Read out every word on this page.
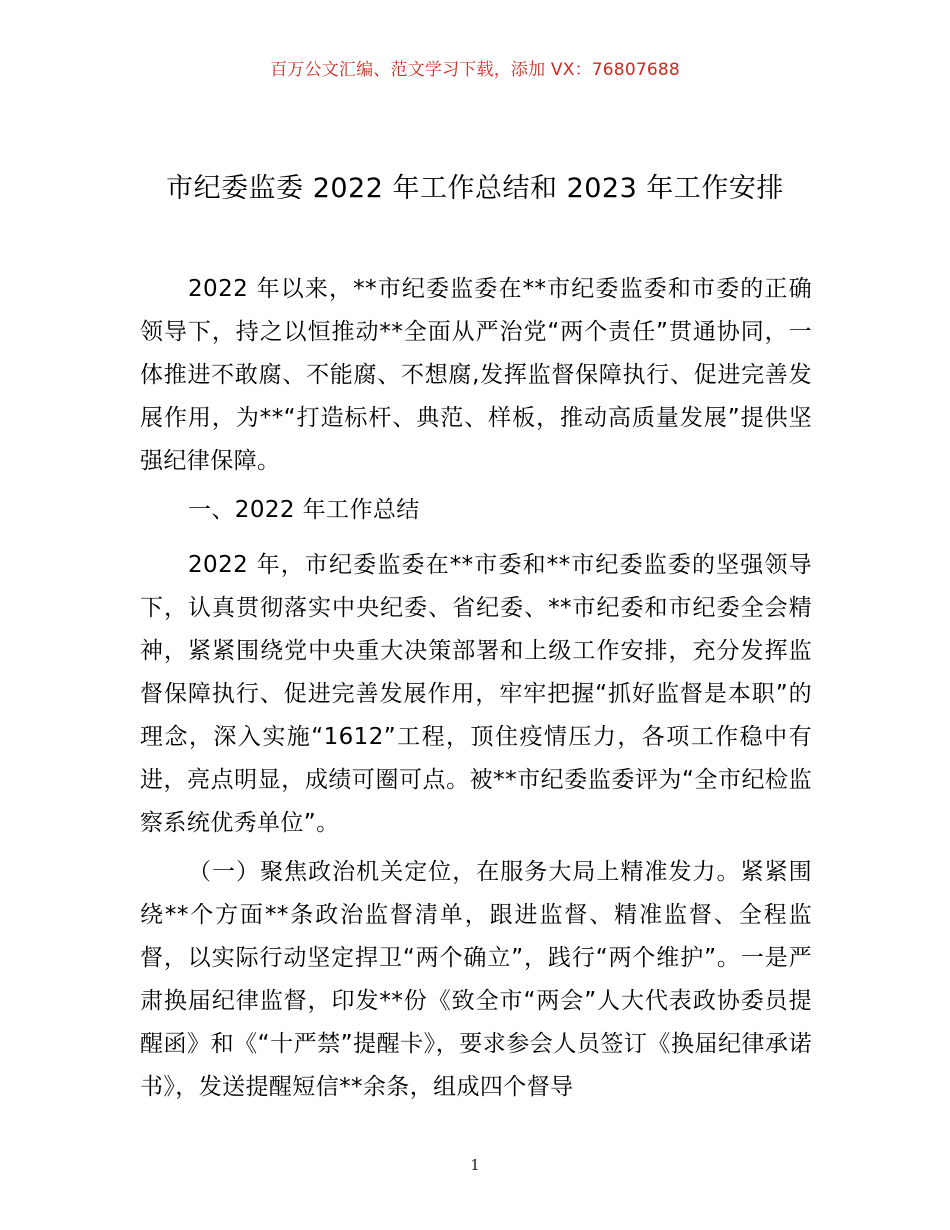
百万公文汇编、范文学习下载，添加 VX：76807688
市纪委监委 2022 年工作总结和 2023 年工作安排

2022 年以来，**市纪委监委在**市纪委监委和市委的正确领导下，持之以恒推动**全面从严治党“两个责任”贯通协同，一体推进不敢腐、不能腐、不想腐,发挥监督保障执行、促进完善发展作用，为**“打造标杆、典范、样板，推动高质量发展”提供坚强纪律保障。

一、2022 年工作总结

2022 年，市纪委监委在**市委和**市纪委监委的坚强领导下，认真贯彻落实中央纪委、省纪委、**市纪委和市纪委全会精神，紧紧围绕党中央重大决策部署和上级工作安排，充分发挥监督保障执行、促进完善发展作用，牢牢把握“抓好监督是本职”的理念，深入实施“1612”工程，顶住疫情压力，各项工作稳中有进，亮点明显，成绩可圈可点。被**市纪委监委评为“全市纪检监察系统优秀单位”。

（一）聚焦政治机关定位，在服务大局上精准发力。紧紧围绕**个方面**条政治监督清单，跟进监督、精准监督、全程监督，以实际行动坚定捍卫“两个确立”，践行“两个维护”。一是严肃换届纪律监督，印发**份《致全市“两会”人大代表政协委员提醒函》和《“十严禁”提醒卡》，要求参会人员签订《换届纪律承诺书》，发送提醒短信**余条，组成四个督导

1
